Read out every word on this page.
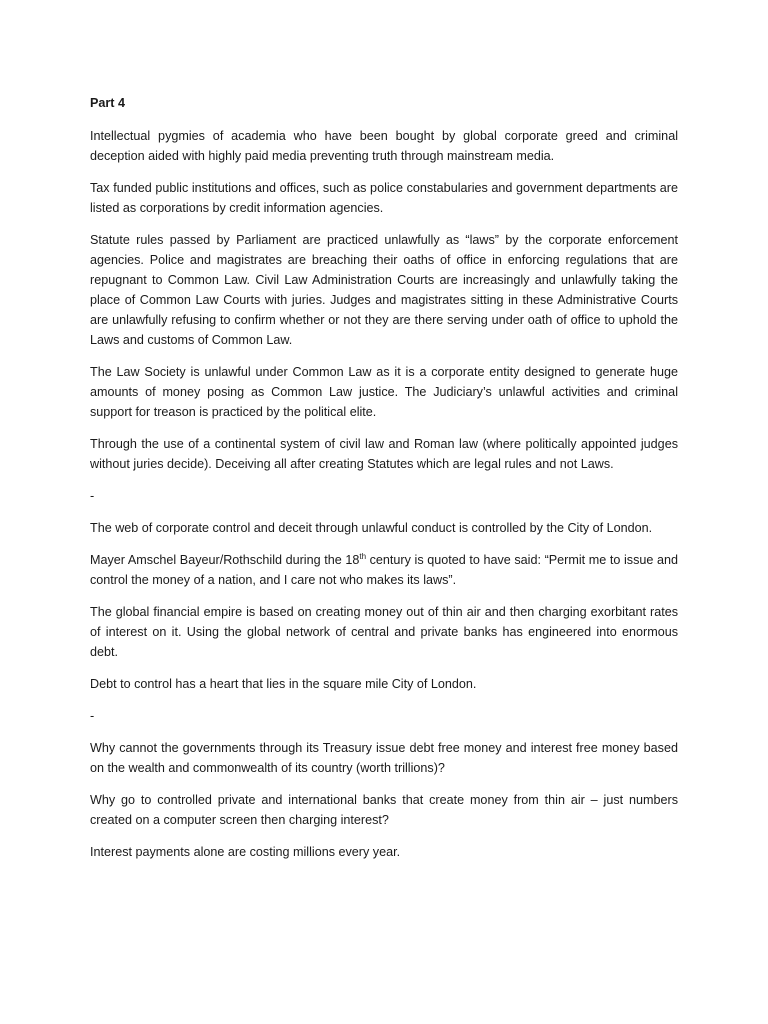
Part 4

Intellectual pygmies of academia who have been bought by global corporate greed and criminal deception aided with highly paid media preventing truth through mainstream media.

Tax funded public institutions and offices, such as police constabularies and government departments are listed as corporations by credit information agencies.

Statute rules passed by Parliament are practiced unlawfully as “laws” by the corporate enforcement agencies. Police and magistrates are breaching their oaths of office in enforcing regulations that are repugnant to Common Law. Civil Law Administration Courts are increasingly and unlawfully taking the place of Common Law Courts with juries. Judges and magistrates sitting in these Administrative Courts are unlawfully refusing to confirm whether or not they are there serving under oath of office to uphold the Laws and customs of Common Law.

The Law Society is unlawful under Common Law as it is a corporate entity designed to generate huge amounts of money posing as Common Law justice. The Judiciary’s unlawful activities and criminal support for treason is practiced by the political elite.

Through the use of a continental system of civil law and Roman law (where politically appointed judges without juries decide). Deceiving all after creating Statutes which are legal rules and not Laws.

-

The web of corporate control and deceit through unlawful conduct is controlled by the City of London.

Mayer Amschel Bayeur/Rothschild during the 18th century is quoted to have said: “Permit me to issue and control the money of a nation, and I care not who makes its laws”.

The global financial empire is based on creating money out of thin air and then charging exorbitant rates of interest on it. Using the global network of central and private banks has engineered into enormous debt.

Debt to control has a heart that lies in the square mile City of London.

-

Why cannot the governments through its Treasury issue debt free money and interest free money based on the wealth and commonwealth of its country (worth trillions)?

Why go to controlled private and international banks that create money from thin air – just numbers created on a computer screen then charging interest?

Interest payments alone are costing millions every year.
